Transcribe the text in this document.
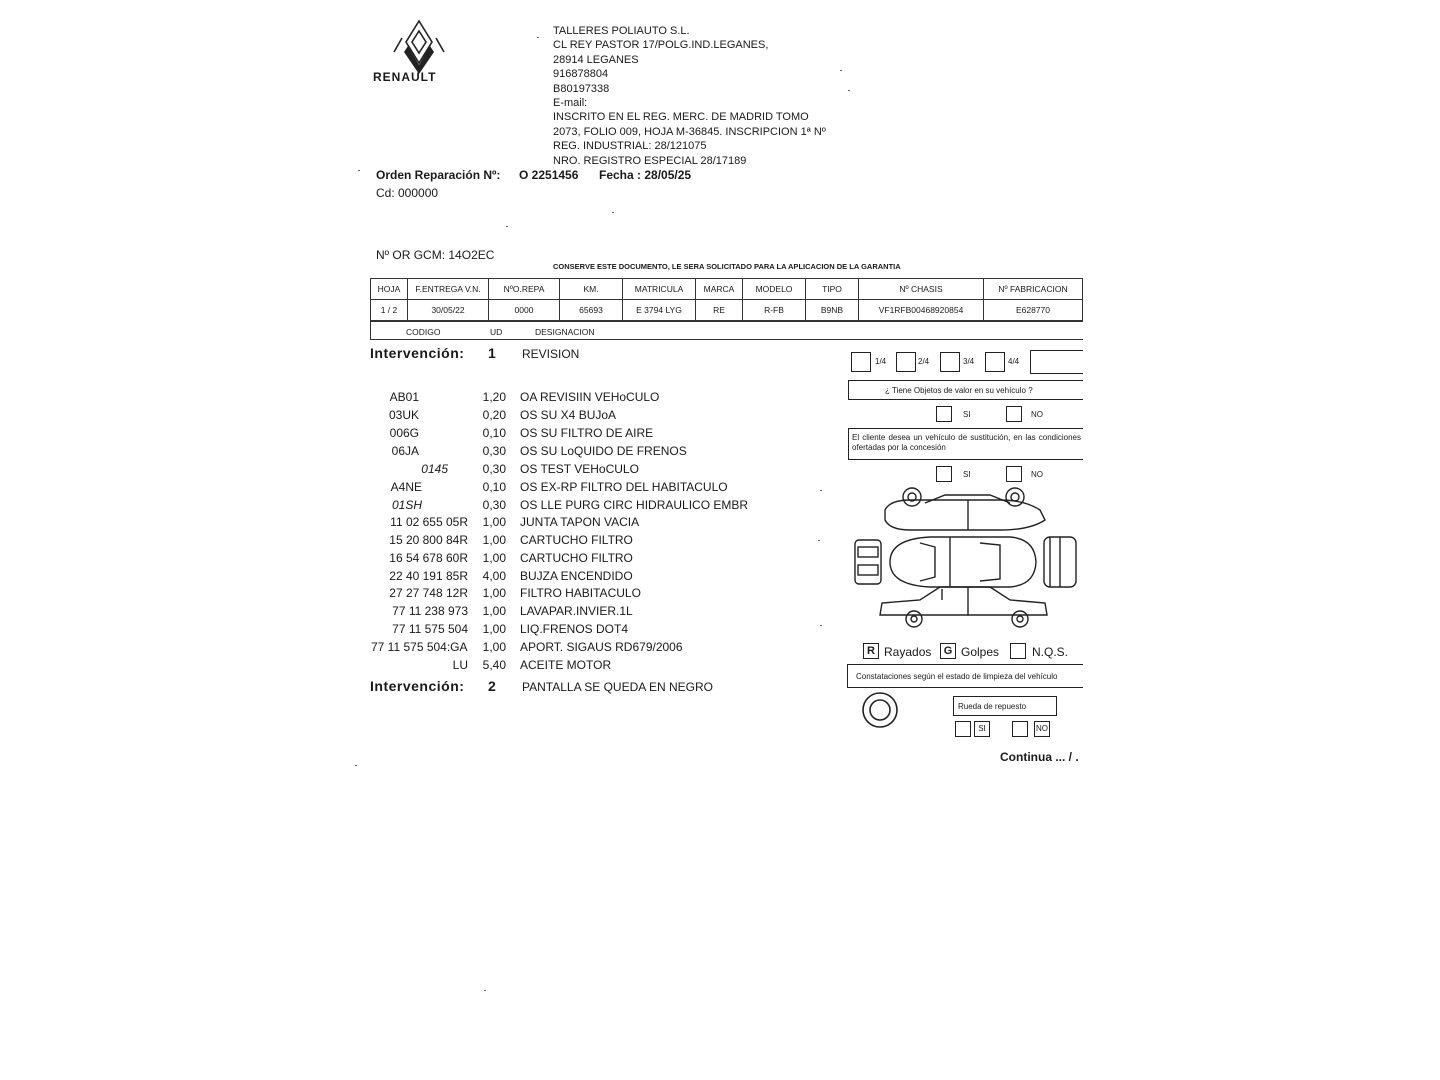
RENAULT
TALLERES POLIAUTO S.L.
CL REY PASTOR 17/POLG.IND.LEGANES,
28914 LEGANES
916878804
B80197338
E-mail:
INSCRITO EN EL REG. MERC. DE MADRID TOMO
2073, FOLIO 009, HOJA M-36845. INSCRIPCION 1ª Nº
REG. INDUSTRIAL: 28/121075
NRO. REGISTRO ESPECIAL 28/17189
Orden Reparación Nº: O 2251456 Fecha : 28/05/25
Cd: 000000
Nº OR GCM: 14O2EC
CONSERVE ESTE DOCUMENTO, LE SERA SOLICITADO PARA LA APLICACION DE LA GARANTIA
HOJA	F.ENTREGA V.N.	NºO.REPA	KM.	MATRICULA	MARCA	MODELO	TIPO	Nº CHASIS	Nº FABRICACION
1 / 2	30/05/22	0000	65693	E 3794 LYG	RE	R-FB	B9NB	VF1RFB00468920854	E628770
CODIGO	UD	DESIGNACION
Intervención: 1 REVISION
AB01	1,20 OA REVISIIN VEHoCULO
03UK	0,20 OS SU X4 BUJoA
006G	0,10 OS SU FILTRO DE AIRE
06JA	0,30 OS SU LoQUIDO DE FRENOS
0145	0,30 OS TEST VEHoCULO
A4NE	0,10 OS EX-RP FILTRO DEL HABITACULO
01SH	0,30 OS LLE PURG CIRC HIDRAULICO EMBR
11 02 655 05R	1,00 JUNTA TAPON VACIA
15 20 800 84R	1,00 CARTUCHO FILTRO
16 54 678 60R	1,00 CARTUCHO FILTRO
22 40 191 85R	4,00 BUJZA ENCENDIDO
27 27 748 12R	1,00 FILTRO HABITACULO
77 11 238 973	1,00 LAVAPAR.INVIER.1L
77 11 575 504	1,00 LIQ.FRENOS DOT4
77 11 575 504:GA	1,00 APORT. SIGAUS RD679/2006
LU	5,40 ACEITE MOTOR
Intervención: 2 PANTALLA SE QUEDA EN NEGRO
1/4	2/4	3/4	4/4
¿ Tiene Objetos de valor en su vehículo ?
SI	NO
El cliente desea un vehículo de sustitución, en las condiciones ofertadas por la concesión
SI	NO
R Rayados	G Golpes	N.Q.S.
Constataciones según el estado de limpieza del vehículo
Rueda de repuesto
SI	NO
Continua ... / .
